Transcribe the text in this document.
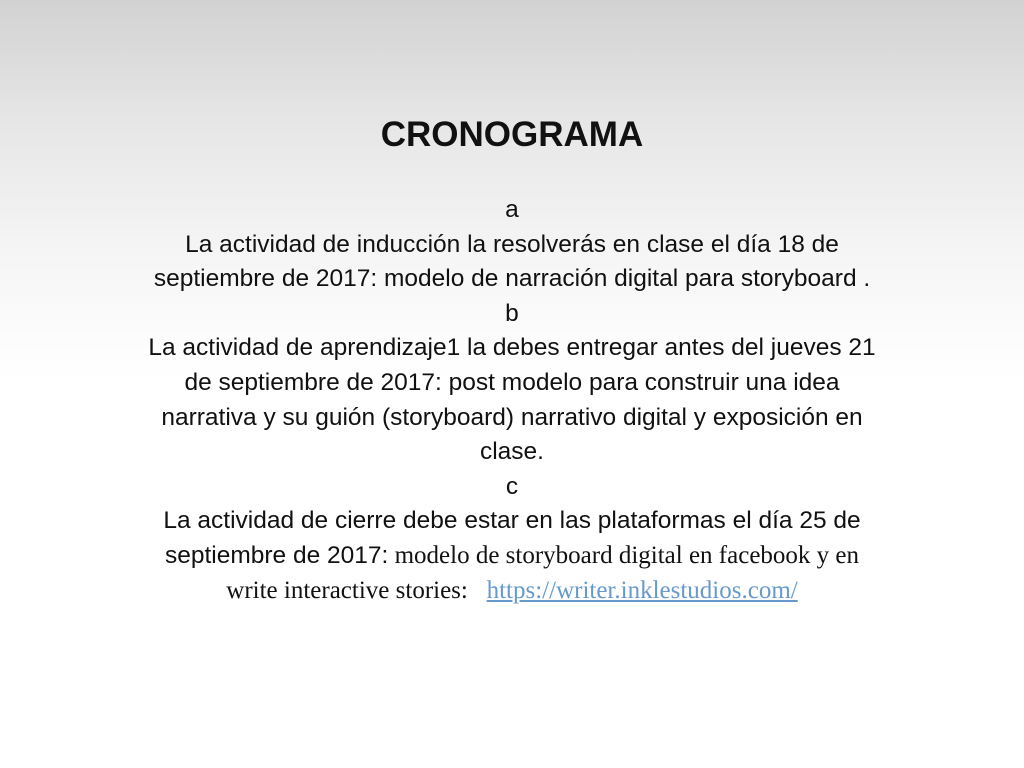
CRONOGRAMA
a
La actividad de inducción la resolverás en clase el día 18 de
septiembre de 2017: modelo de narración digital para storyboard .
b
La actividad de aprendizaje1 la debes entregar antes del jueves 21
de septiembre de 2017: post modelo para construir una idea
narrativa y su guión (storyboard) narrativo digital y exposición en
clase.
c
La actividad de cierre debe estar en las plataformas el día 25 de
septiembre de 2017: modelo de storyboard digital en facebook y en
write interactive stories:   https://writer.inklestudios.com/
